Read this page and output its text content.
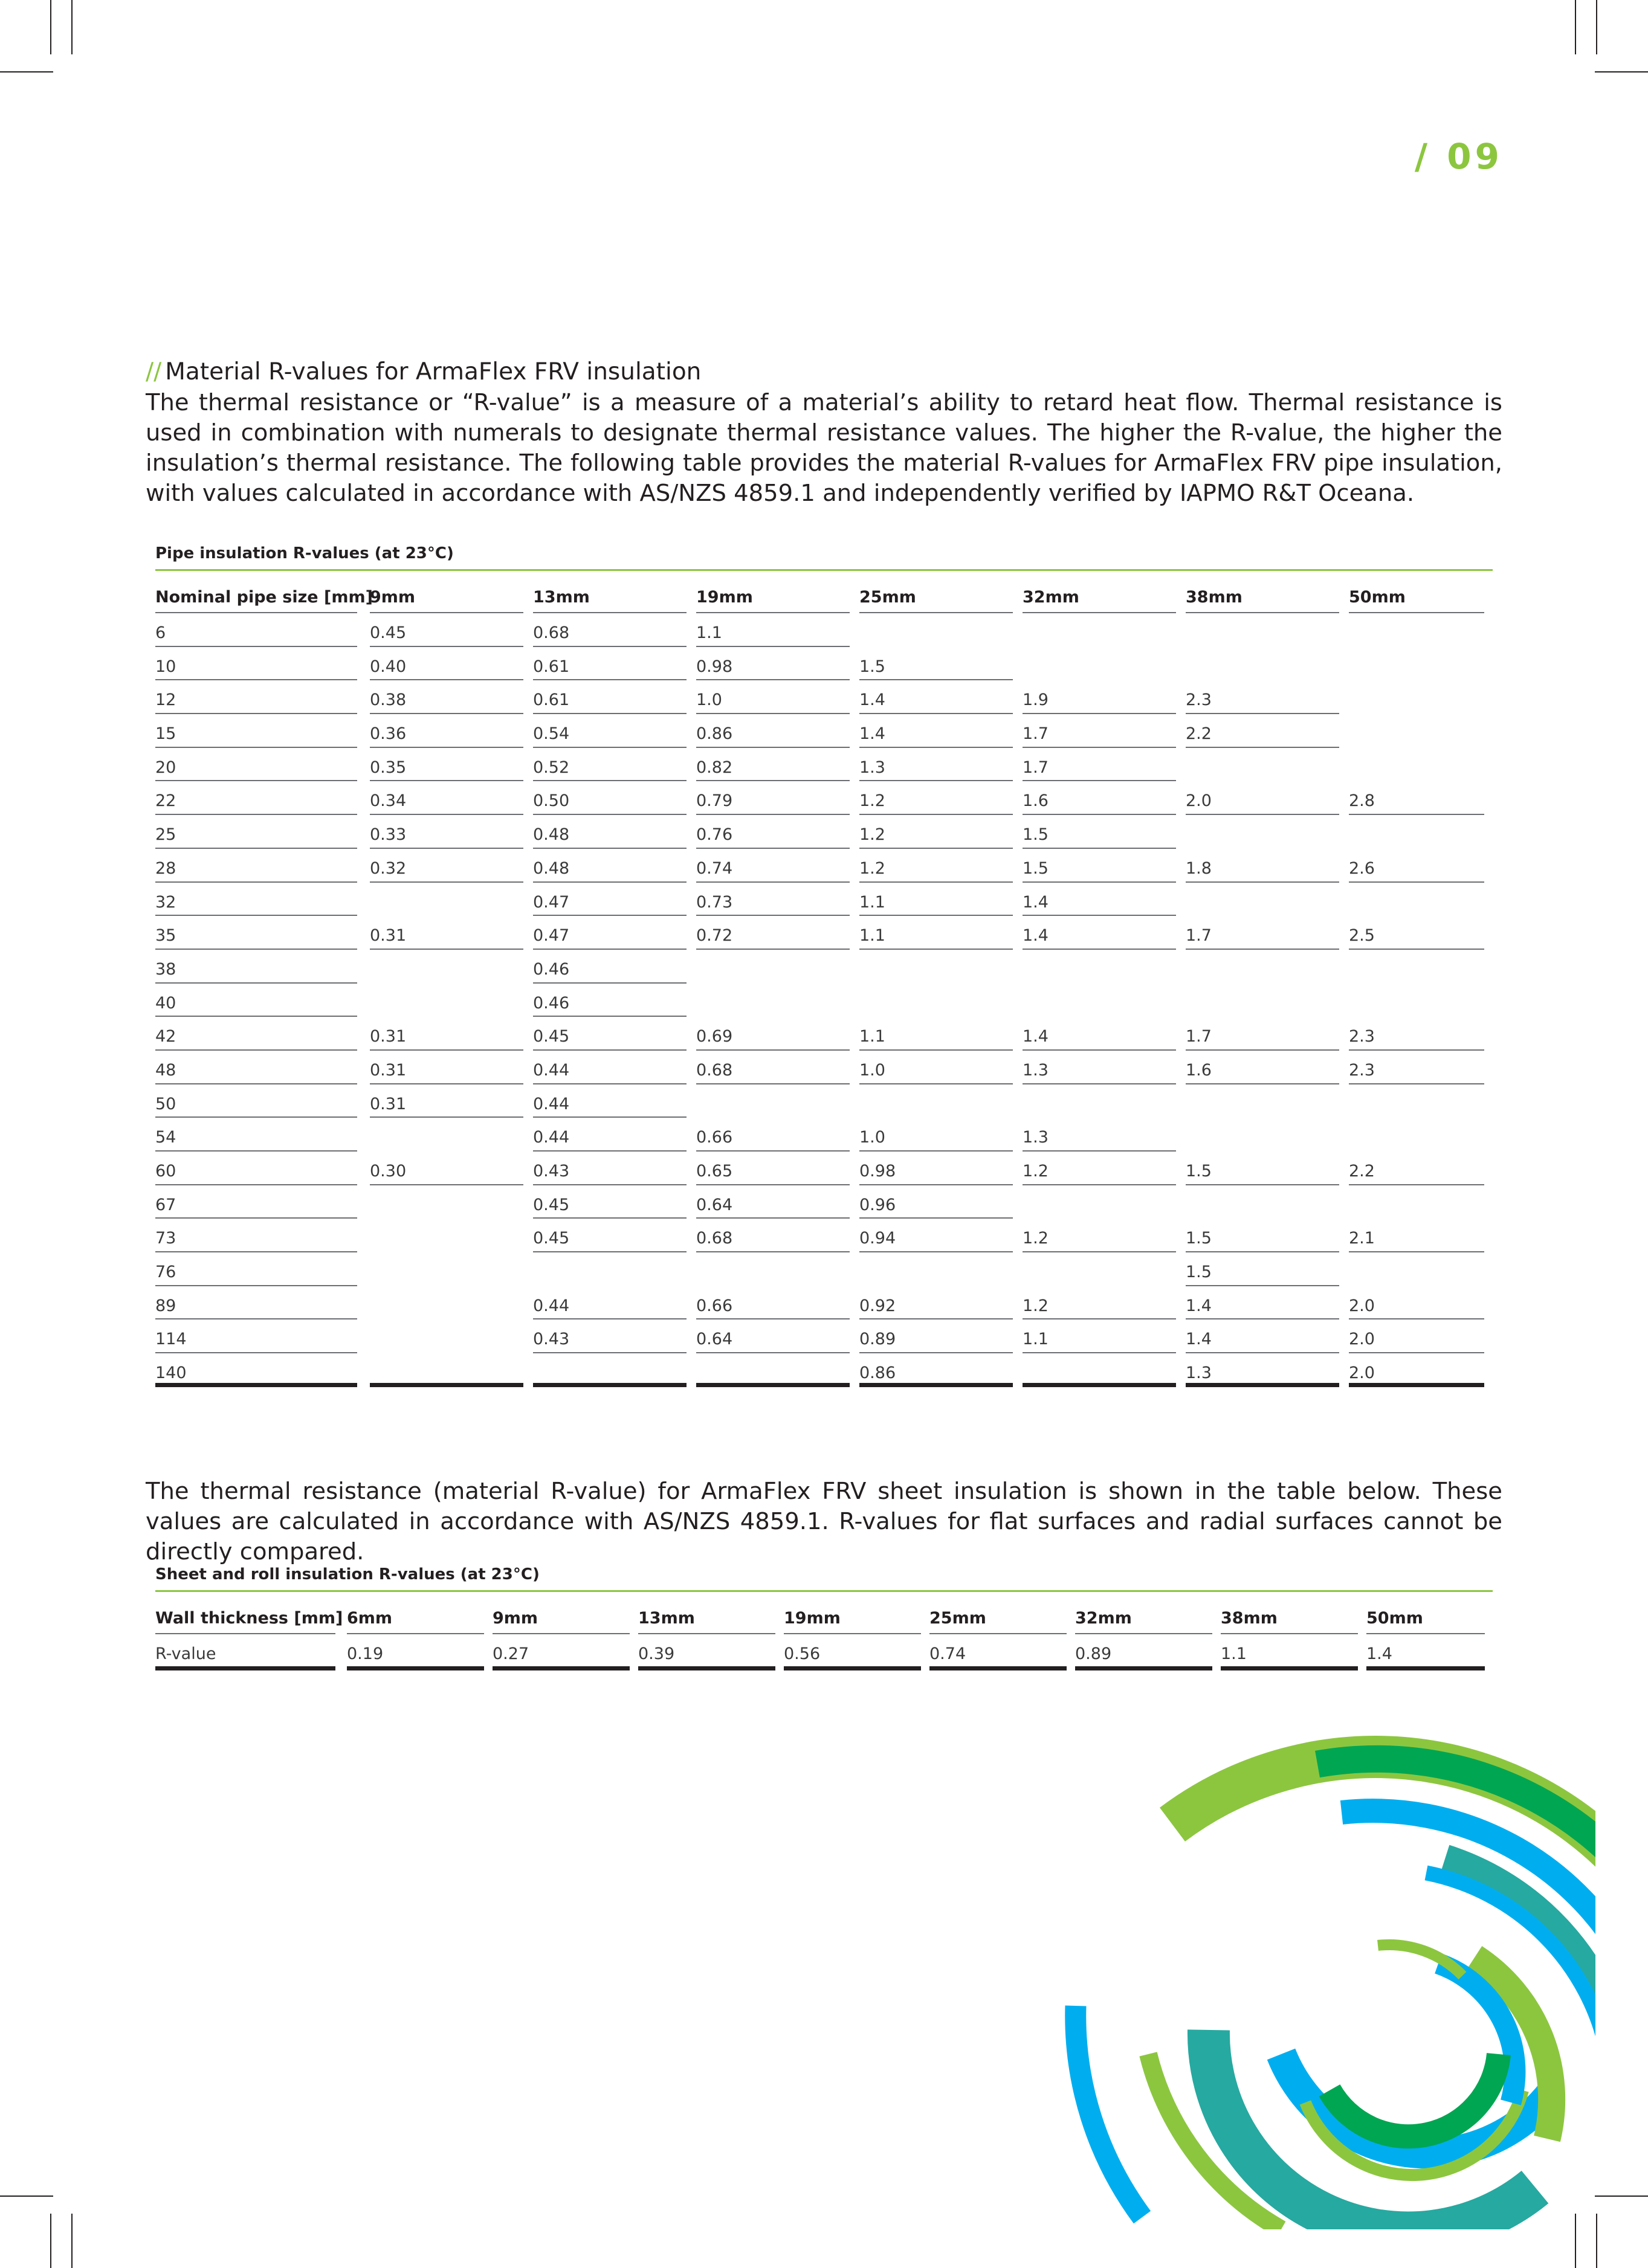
/ 09
// Material R-values for ArmaFlex FRV insulation

The thermal resistance or “R-value” is a measure of a material’s ability to retard heat flow. Thermal resistance is used in combination with numerals to designate thermal resistance values. The higher the R-value, the higher the insulation’s thermal resistance. The following table provides the material R-values for ArmaFlex FRV pipe insulation, with values calculated in accordance with AS/NZS 4859.1 and independently verified by IAPMO R&T Oceana.

Pipe insulation R-values (at 23°C)
Nominal pipe size [mm]	9mm	13mm	19mm	25mm	32mm	38mm	50mm

6	0.45	0.68	1.1				

10	0.40	0.61	0.98	1.5			

12	0.38	0.61	1.0	1.4	1.9	2.3	

15	0.36	0.54	0.86	1.4	1.7	2.2	

20	0.35	0.52	0.82	1.3	1.7		

22	0.34	0.50	0.79	1.2	1.6	2.0	2.8

25	0.33	0.48	0.76	1.2	1.5		

28	0.32	0.48	0.74	1.2	1.5	1.8	2.6

32		0.47	0.73	1.1	1.4		

35	0.31	0.47	0.72	1.1	1.4	1.7	2.5

38		0.46					

40		0.46					

42	0.31	0.45	0.69	1.1	1.4	1.7	2.3

48	0.31	0.44	0.68	1.0	1.3	1.6	2.3

50	0.31	0.44					

54		0.44	0.66	1.0	1.3		

60	0.30	0.43	0.65	0.98	1.2	1.5	2.2

67		0.45	0.64	0.96			

73		0.45	0.68	0.94	1.2	1.5	2.1

76						1.5	

89		0.44	0.66	0.92	1.2	1.4	2.0

114		0.43	0.64	0.89	1.1	1.4	2.0

140				0.86		1.3	2.0

The thermal resistance (material R-value) for ArmaFlex FRV sheet insulation is shown in the table below. These values are calculated in accordance with AS/NZS 4859.1. R-values for flat surfaces and radial surfaces cannot be directly compared.

Sheet and roll insulation R-values (at 23°C)
Wall thickness [mm]	6mm	9mm	13mm	19mm	25mm	32mm	38mm	50mm

R-value	0.19	0.27	0.39	0.56	0.74	0.89	1.1	1.4
